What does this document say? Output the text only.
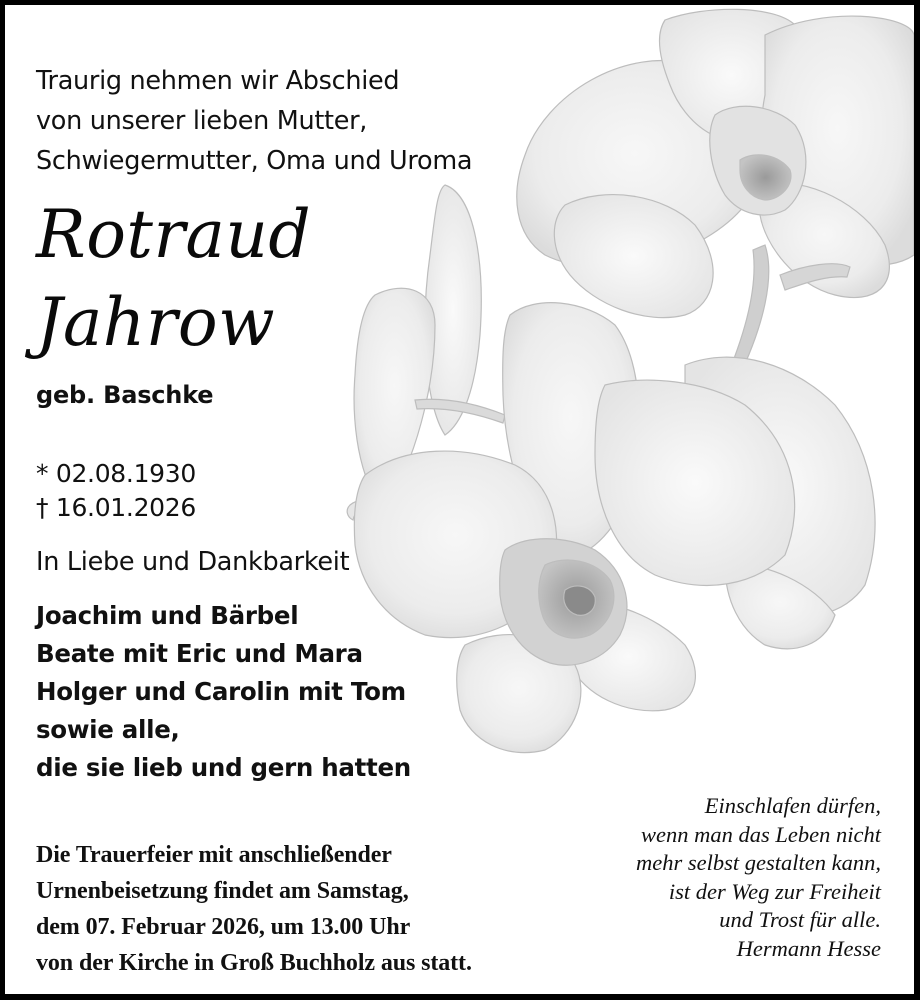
Traurig nehmen wir Abschied
von unserer lieben Mutter,
Schwiegermutter, Oma und Uroma
Rotraud
Jahrow
geb. Baschke
* 02.08.1930
† 16.01.2026
In Liebe und Dankbarkeit
Joachim und Bärbel
Beate mit Eric und Mara
Holger und Carolin mit Tom
sowie alle,
die sie lieb und gern hatten
Die Trauerfeier mit anschließender
Urnenbeisetzung findet am Samstag,
dem 07. Februar 2026, um 13.00 Uhr
von der Kirche in Groß Buchholz aus statt.
Einschlafen dürfen,
wenn man das Leben nicht
mehr selbst gestalten kann,
ist der Weg zur Freiheit
und Trost für alle.
Hermann Hesse
